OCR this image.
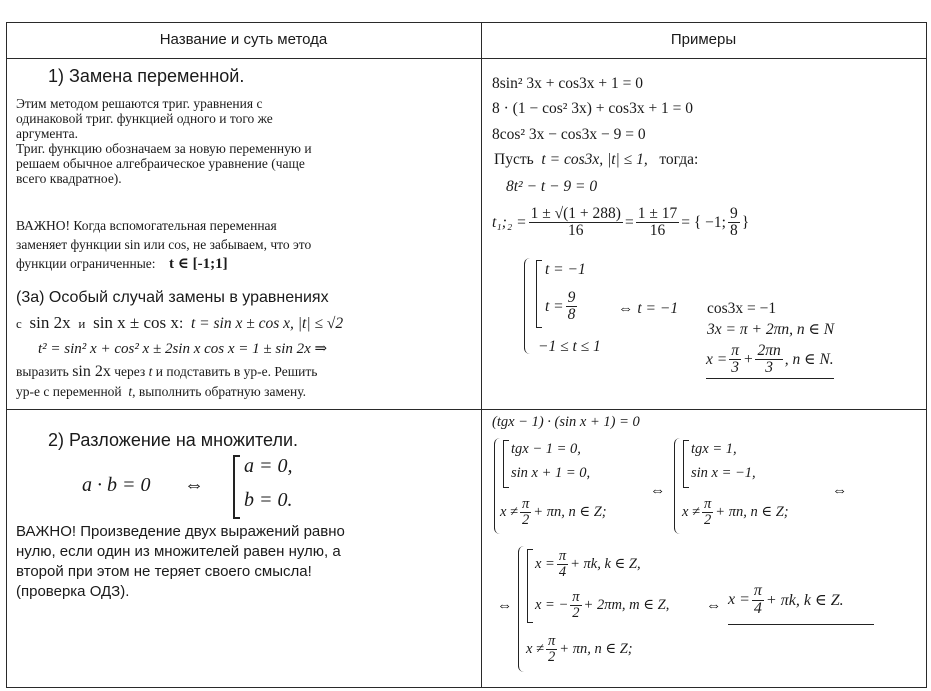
Название и суть метода	Примеры
1) Замена переменной.
Этим методом решаются триг. уравнения с
одинаковой триг. функцией одного и того же
аргумента.
Триг. функцию обозначаем за новую переменную и
решаем обычное алгебраическое уравнение (чаще
всего квадратное).
ВАЖНО! Когда вспомогательная переменная
заменяет функции sin или cos, не забываем, что это
функции ограниченные: t ∈ [-1;1]
(3а) Особый случай замены в уравнениях
с sin 2x и sin x ± cos x: t = sin x ± cos x, |t| ≤ √2
t² = sin² x + cos² x ± 2sin x cos x = 1 ± sin 2x ⇒
выразить sin 2x через t и подставить в ур-е. Решить
ур-е с переменной t, выполнить обратную замену.
8sin² 3x + cos3x + 1 = 0
8 · (1 − cos² 3x) + cos3x + 1 = 0
8cos² 3x − cos3x − 9 = 0
Пусть t = cos3x, |t| ≤ 1, тогда:
8t² − t − 9 = 0
t₁;₂ = $\frac{1 \pm √(1 + 288)}{16} = \frac{1 \pm 17}{16}$ = { −1; $\frac{9}{8}$ }
t = −1
$t = \frac{9}{8}$
−1 ≤ t ≤ 1
⇔ t = −1 cos3x = −1
3x = π + 2πn, n ∈ N
$x = \frac{\pi}{3} + \frac{2\pi n}{3}$ , n ∈ N.
2) Разложение на множители.
a · b = 0 ⇔
a = 0,
b = 0.
ВАЖНО! Произведение двух выражений равно
нулю, если один из множителей равен нулю, а
второй при этом не теряет своего смысла!
(проверка ОДЗ).
(tgx − 1) · (sin x + 1) = 0
tgx − 1 = 0,
sin x + 1 = 0,
$x \ne \frac{\pi}{2} + \pi n$, n ∈ Z;
⇔
tgx = 1,
sin x = −1,
$x \ne \frac{\pi}{2} + \pi n$, n ∈ Z;
⇔
⇔
$x = \frac{\pi}{4} + \pi k$, k ∈ Z,
x = − $\frac{\pi}{2} + 2\pi m$, m ∈ Z,
$x \ne \frac{\pi}{2} + \pi n$, n ∈ Z;
⇔ $x = \frac{\pi}{4} + \pi k$, k ∈ Z.
